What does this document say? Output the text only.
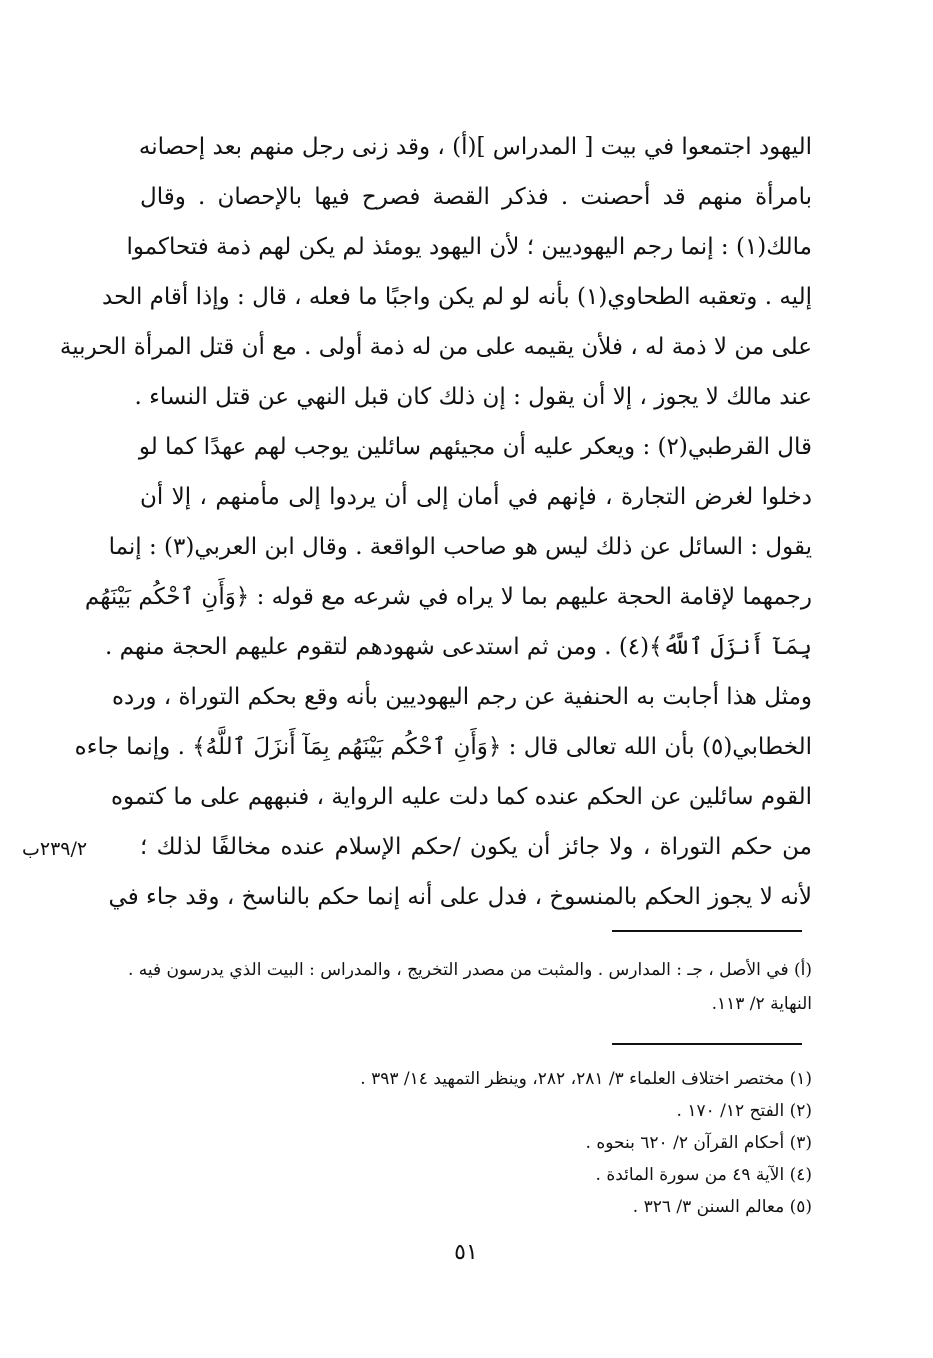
اليهود اجتمعوا في بيت [ المدراس ](أ) ، وقد زنى رجل منهم بعد إحصانه
بامرأة منهم قد أحصنت . فذكر القصة فصرح فيها بالإحصان . وقال
مالك(١) : إنما رجم اليهوديين ؛ لأن اليهود يومئذ لم يكن لهم ذمة فتحاكموا
إليه . وتعقبه الطحاوي(١) بأنه لو لم يكن واجبًا ما فعله ، قال : وإذا أقام الحد
على من لا ذمة له ، فلأن يقيمه على من له ذمة أولى . مع أن قتل المرأة الحربية
عند مالك لا يجوز ، إلا أن يقول : إن ذلك كان قبل النهي عن قتل النساء .
قال القرطبي(٢) : ويعكر عليه أن مجيئهم سائلين يوجب لهم عهدًا كما لو
دخلوا لغرض التجارة ، فإنهم في أمان إلى أن يردوا إلى مأمنهم ، إلا أن
يقول : السائل عن ذلك ليس هو صاحب الواقعة . وقال ابن العربي(٣) : إنما
رجمهما لإقامة الحجة عليهم بما لا يراه في شرعه مع قوله : ﴿وَأَنِ ٱحْكُم بَيْنَهُم
بِمَآ أَنزَلَ ٱللَّهُ﴾(٤) . ومن ثم استدعى شهودهم لتقوم عليهم الحجة منهم .
ومثل هذا أجابت به الحنفية عن رجم اليهوديين بأنه وقع بحكم التوراة ، ورده
الخطابي(٥) بأن الله تعالى قال : ﴿وَأَنِ ٱحْكُم بَيْنَهُم بِمَآ أَنزَلَ ٱللَّهُ﴾ . وإنما جاءه
القوم سائلين عن الحكم عنده كما دلت عليه الرواية ، فنبههم على ما كتموه
من حكم التوراة ، ولا جائز أن يكون /حكم الإسلام عنده مخالفًا لذلك ؛
لأنه لا يجوز الحكم بالمنسوخ ، فدل على أنه إنما حكم بالناسخ ، وقد جاء في
٢٣٩/٢ب
(أ) في الأصل ، جـ : المدارس . والمثبت من مصدر التخريج ، والمدراس : البيت الذي يدرسون فيه .
النهاية ٢/ ١١٣.
(١) مختصر اختلاف العلماء ٣/ ٢٨١، ٢٨٢، وينظر التمهيد ١٤/ ٣٩٣ .
(٢) الفتح ١٢/ ١٧٠ .
(٣) أحكام القرآن ٢/ ٦٢٠ بنحوه .
(٤) الآية ٤٩ من سورة المائدة .
(٥) معالم السنن ٣/ ٣٢٦ .
٥١
